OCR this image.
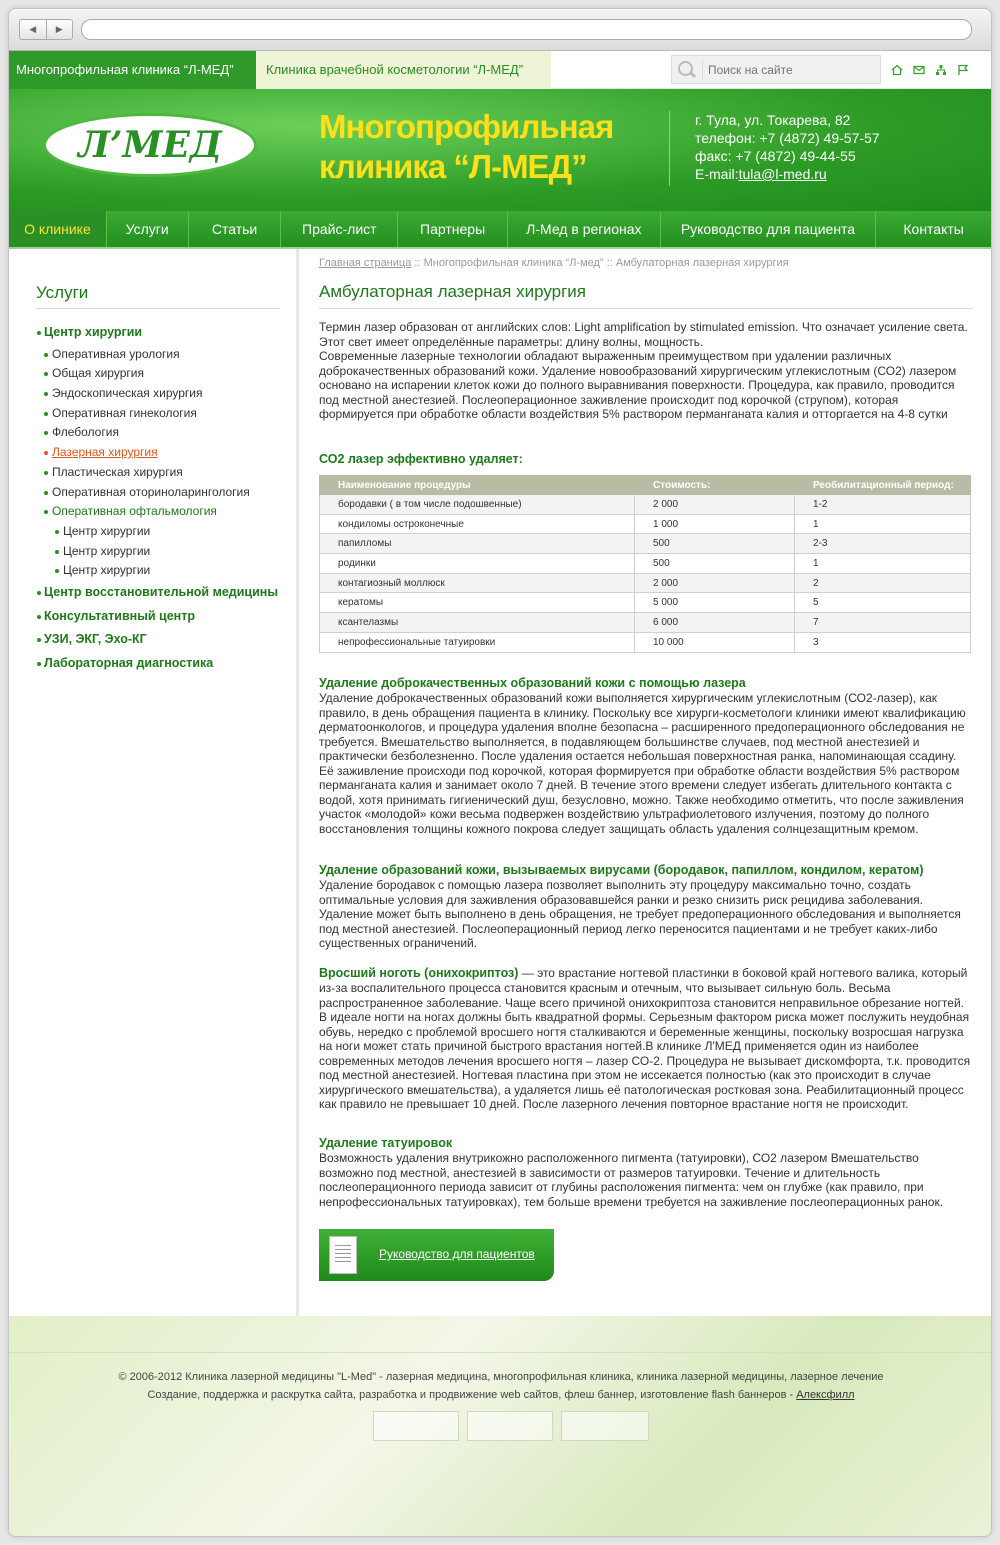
◀	▶
Многопрофильная клиника “Л-МЕД”	Клиника врачебной косметологии “Л-МЕД”
Поиск на сайте
Л’МЕД	Многопрофильная клиника “Л-МЕД”
г. Тула, ул. Токарева, 82
телефон: +7 (4872) 49-57-57
факс: +7 (4872) 49-44-55
E-mail:tula@l-med.ru
О клинике	Услуги	Статьи	Прайс-лист	Партнеры	Л-Мед в регионах	Руководство для пациента	Контакты
Услуги
Центр хирургии
Оперативная урология
Общая хирургия
Эндоскопическая хирургия
Оперативная гинекология
Флебология
Лазерная хирургия
Пластическая хирургия
Оперативная оториноларингология
Оперативная офтальмология
Центр хирургии
Центр хирургии
Центр хирургии
Центр восстановительной медицины
Консультативный центр
УЗИ, ЭКГ, Эхо-КГ
Лабораторная диагностика
Главная страница :: Многопрофильная клиника “Л-мед” :: Амбулаторная лазерная хирургия
Амбулаторная лазерная хирургия
Термин лазер образован от английских слов: Light amplification by stimulated emission. Что означает усиление света. Этот свет имеет определённые параметры: длину волны, мощность.
Современные лазерные технологии обладают выраженным преимуществом при удалении различных доброкачественных образований кожи. Удаление новообразований хирургическим углекислотным (СО2) лазером основано на испарении клеток кожи до полного выравнивания поверхности. Процедура, как правило, проводится под местной анестезией. Послеоперационное заживление происходит под корочкой (струпом), которая формируется при обработке области воздействия 5% раствором перманганата калия и отторгается на 4-8 сутки
СО2 лазер эффективно удаляет:
Наименование процедуры	Стоимость:	Реобилитационный период:
бородавки ( в том числе подошвенные)	2 000	1-2
кондиломы остроконечные	1 000	1
папилломы	500	2-3
родинки	500	1
контагиозный моллюск	2 000	2
кератомы	5 000	5
ксантелазмы	6 000	7
непрофессиональные татуировки	10 000	3
Удаление доброкачественных образований кожи с помощью лазера
Удаление доброкачественных образований кожи выполняется хирургическим углекислотным (СО2-лазер), как правило, в день обращения пациента в клинику. Поскольку все хирурги-косметологи клиники имеют квалификацию дерматоонкологов, и процедура удаления вполне безопасна – расширенного предоперационного обследования не требуется. Вмешательство выполняется, в подавляющем большинстве случаев, под местной анестезией и практически безболезненно. После удаления остается небольшая поверхностная ранка, напоминающая ссадину. Её заживление происходи под корочкой, которая формируется при обработке области воздействия 5% раствором перманганата калия и занимает около 7 дней. В течение этого времени следует избегать длительного контакта с водой, хотя принимать гигиенический душ, безусловно, можно. Также необходимо отметить, что после заживления участок «молодой» кожи весьма подвержен воздействию ультрафиолетового излучения, поэтому до полного восстановления толщины кожного покрова следует защищать область удаления солнцезащитным кремом.
Удаление образований кожи, вызываемых вирусами (бородавок, папиллом, кондилом, кератом)
Удаление бородавок с помощью лазера позволяет выполнить эту процедуру максимально точно, создать оптимальные условия для заживления образовавшейся ранки и резко снизить риск рецидива заболевания. Удаление может быть выполнено в день обращения, не требует предоперационного обследования и выполняется под местной анестезией. Послеоперационный период легко переносится пациентами и не требует каких-либо существенных ограничений.
Вросший ноготь (онихокриптоз) — это врастание ногтевой пластинки в боковой край ногтевого валика, который из-за воспалительного процесса становится красным и отечным, что вызывает сильную боль. Весьма распространенное заболевание. Чаще всего причиной онихокриптоза становится неправильное обрезание ногтей. В идеале ногти на ногах должны быть квадратной формы. Серьезным фактором риска может послужить неудобная обувь, нередко с проблемой вросшего ногтя сталкиваются и беременные женщины, поскольку возросшая нагрузка на ноги может стать причиной быстрого врастания ногтей.В клинике Л'МЕД применяется один из наиболее современных методов лечения вросшего ногтя – лазер СО-2. Процедура не вызывает дискомфорта, т.к. проводится под местной анестезией. Ногтевая пластина при этом не иссекается полностью (как это происходит в случае хирургического вмешательства), а удаляется лишь её патологическая ростковая зона. Реабилитационный процесс как правило не превышает 10 дней. После лазерного лечения повторное врастание ногтя не происходит.
Удаление татуировок
Возможность удаления внутрикожно расположенного пигмента (татуировки), СО2 лазером Вмешательство возможно под местной, анестезией в зависимости от размеров татуировки. Течение и длительность послеоперационного периода зависит от глубины расположения пигмента: чем он глубже (как правило, при непрофессиональных татуировках), тем больше времени требуется на заживление послеоперационных ранок.
Руководство для пациентов
© 2006-2012 Клиника лазерной медицины "L-Med" - лазерная медицина, многопрофильная клиника, клиника лазерной медицины, лазерное лечение
Создание, поддержка и раскрутка сайта, разработка и продвижение web сайтов, флеш баннер, изготовление flash баннеров - Алексфилл
